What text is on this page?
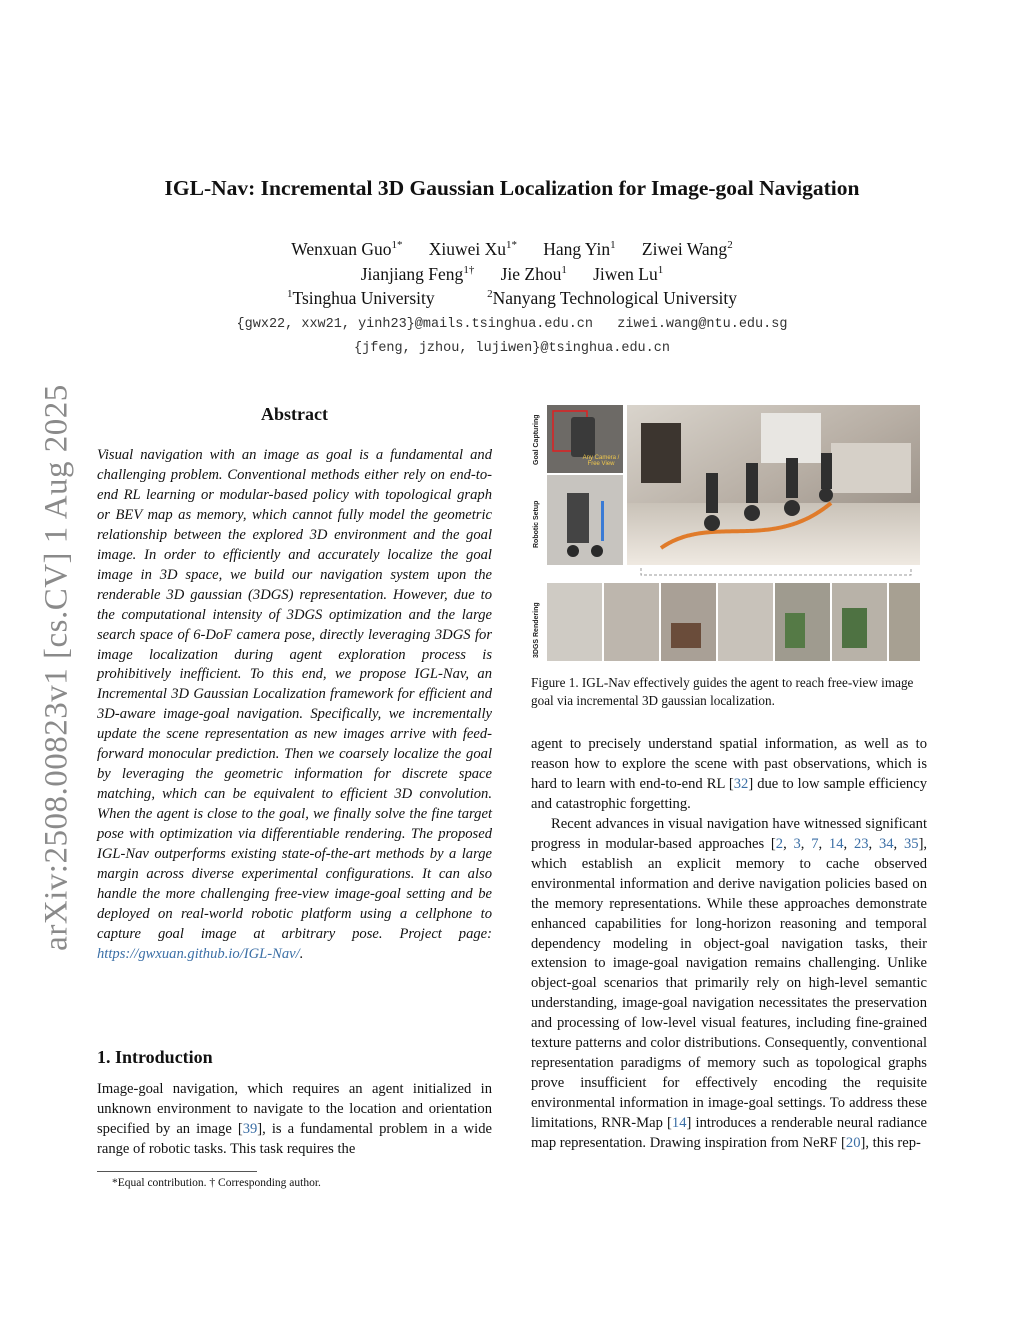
arXiv:2508.00823v1 [cs.CV] 1 Aug 2025
IGL-Nav: Incremental 3D Gaussian Localization for Image-goal Navigation
Wenxuan Guo$^{1*}$ Xiuwei $Xu^{1*}$ Hang Yin$^1$ Ziwei Wang$^2$
Jianjiang Feng$^{1\dagger}$ Jie Zhou$^1$ Jiwen Lu$^1$
$^1$Tsinghua University	$^2$Nanyang Technological University
{gwx22, xxw21, yinh23}@mails.tsinghua.edu.cn   ziwei.wang@ntu.edu.sg
{jfeng, jzhou, lujiwen}@tsinghua.edu.cn
Abstract
Visual navigation with an image as goal is a fundamental and challenging problem. Conventional methods either rely on end-to-end RL learning or modular-based policy with topological graph or BEV map as memory, which cannot fully model the geometric relationship between the explored 3D environment and the goal image. In order to efficiently and accurately localize the goal image in 3D space, we build our navigation system upon the renderable 3D gaussian (3DGS) representation. However, due to the computational intensity of 3DGS optimization and the large search space of 6-DoF camera pose, directly leveraging 3DGS for image localization during agent exploration process is prohibitively inefficient. To this end, we propose IGL-Nav, an Incremental 3D Gaussian Localization framework for efficient and 3D-aware image-goal navigation. Specifically, we incrementally update the scene representation as new images arrive with feed-forward monocular prediction. Then we coarsely localize the goal by leveraging the geometric information for discrete space matching, which can be equivalent to efficient 3D convolution. When the agent is close to the goal, we finally solve the fine target pose with optimization via differentiable rendering. The proposed IGL-Nav outperforms existing state-of-the-art methods by a large margin across diverse experimental configurations. It can also handle the more challenging free-view image-goal setting and be deployed on real-world robotic platform using a cellphone to capture goal image at arbitrary pose. Project page: https://gwxuan.github.io/IGL-Nav/.
1. Introduction
Image-goal navigation, which requires an agent initialized in unknown environment to navigate to the location and orientation specified by an image [39], is a fundamental problem in a wide range of robotic tasks. This task requires the
*Equal contribution. † Corresponding author.
Goal Capturing
Robotic Setup
3DGS Rendering
Any Camera / Free View
Figure 1. IGL-Nav effectively guides the agent to reach free-view image goal via incremental 3D gaussian localization.

agent to precisely understand spatial information, as well as to reason how to explore the scene with past observations, which is hard to learn with end-to-end RL [32] due to low sample efficiency and catastrophic forgetting.

Recent advances in visual navigation have witnessed significant progress in modular-based approaches [2, 3, 7, 14, 23, 34, 35], which establish an explicit memory to cache observed environmental information and derive navigation policies based on the memory representations. While these approaches demonstrate enhanced capabilities for long-horizon reasoning and temporal dependency modeling in object-goal navigation tasks, their extension to image-goal navigation remains challenging. Unlike object-goal scenarios that primarily rely on high-level semantic understanding, image-goal navigation necessitates the preservation and processing of low-level visual features, including fine-grained texture patterns and color distributions. Consequently, conventional representation paradigms of memory such as topological graphs prove insufficient for effectively encoding the requisite environmental information in image-goal settings. To address these limitations, RNR-Map [14] introduces a renderable neural radiance map representation. Drawing inspiration from NeRF [20], this rep-
